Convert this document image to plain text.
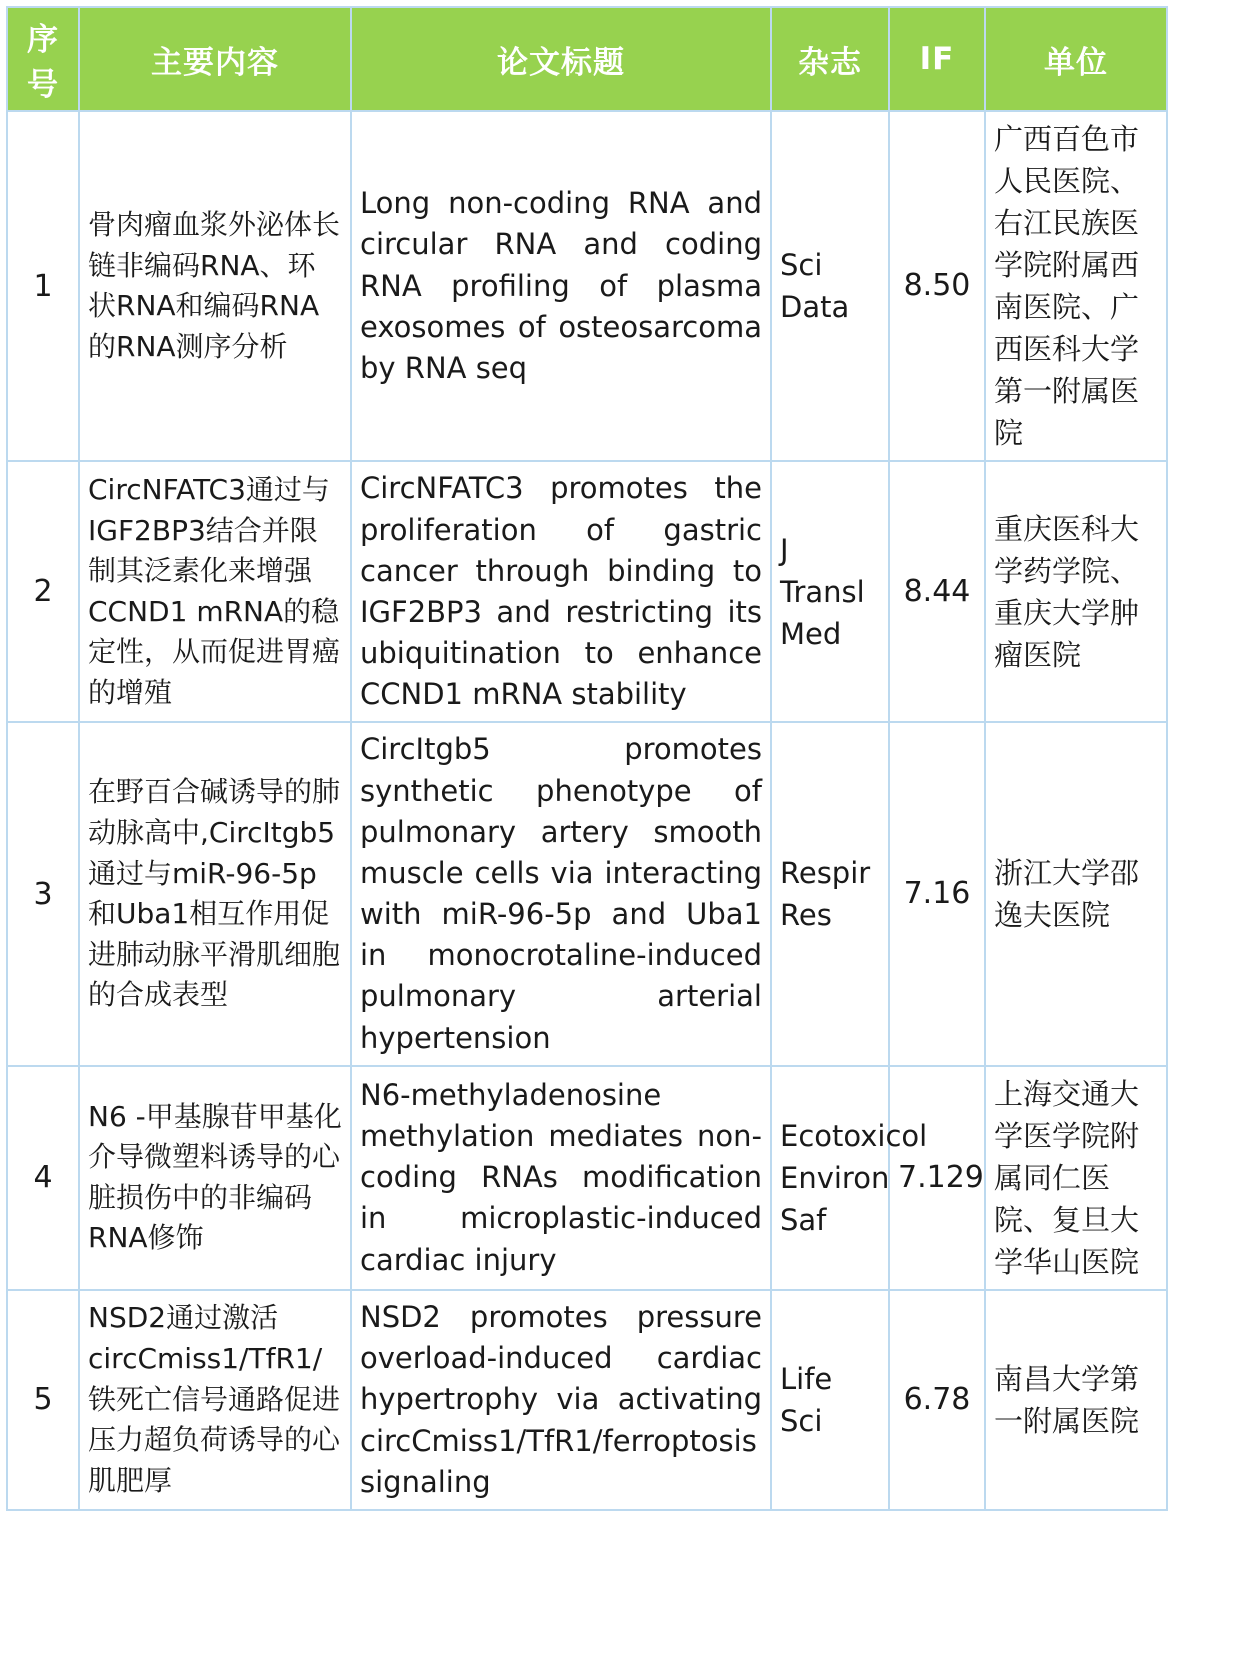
序号	主要内容	论文标题	杂志	IF	单位
1	骨肉瘤血浆外泌体长链非编码RNA、环状RNA和编码RNA的RNA测序分析	Long non-coding RNA and circular RNA and coding RNA profiling of plasma exosomes of osteosarcoma by RNA seq	Sci Data	8.50	广西百色市人民医院、右江民族医学院附属西南医院、广西医科大学第一附属医院
2	CircNFATC3通过与IGF2BP3结合并限制其泛素化来增强CCND1 mRNA的稳定性，从而促进胃癌的增殖	CircNFATC3 promotes the proliferation of gastric cancer through binding to IGF2BP3 and restricting its ubiquitination to enhance CCND1 mRNA stability	J Transl Med	8.44	重庆医科大学药学院、重庆大学肿瘤医院
3	在野百合碱诱导的肺动脉高中,CircItgb5通过与miR-96-5p和Uba1相互作用促进肺动脉平滑肌细胞的合成表型	CircItgb5 promotes synthetic phenotype of pulmonary artery smooth muscle cells via interacting with miR-96-5p and Uba1 in monocrotaline-induced pulmonary arterial hypertension	Respir Res	7.16	浙江大学邵逸夫医院
4	N6 -甲基腺苷甲基化介导微塑料诱导的心脏损伤中的非编码RNA修饰	N6-methyladenosine methylation mediates non-coding RNAs modification in microplastic-induced cardiac injury	Ecotoxicol Environ Saf	7.129	上海交通大学医学院附属同仁医院、复旦大学华山医院
5	NSD2通过激活circCmiss1/TfR1/铁死亡信号通路促进压力超负荷诱导的心肌肥厚	NSD2 promotes pressure overload-induced cardiac hypertrophy via activating circCmiss1/TfR1/ferroptosis signaling	Life Sci	6.78	南昌大学第一附属医院
